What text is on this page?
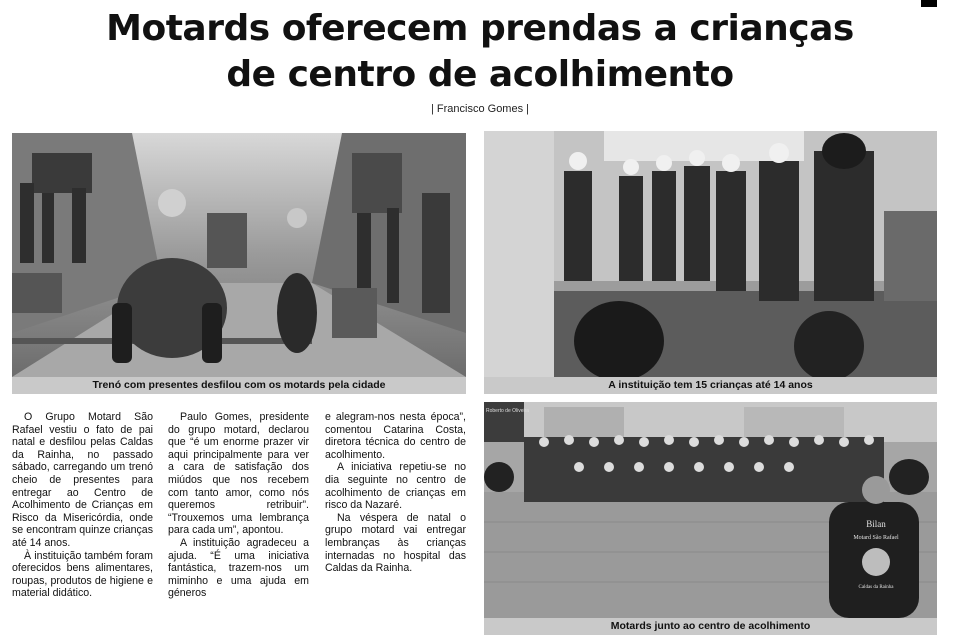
Motards oferecem prendas a crianças
de centro de acolhimento
| Francisco Gomes |
Trenó com presentes desfilou com os motards pela cidade	A instituição tem 15 crianças até 14 anos
Roberto de Oliveira
Bilan
Motard São Rafael
Caldas da Rainha
Motards junto ao centro de acolhimento

O Grupo Motard São Rafael vestiu o fato de pai natal e desfilou pelas Caldas da Rainha, no passado sábado, carregando um trenó cheio de presentes para entregar ao Centro de Acolhimento de Crianças em Risco da Misericórdia, onde se encontram quinze crianças até 14 anos.

À instituição também foram oferecidos bens alimentares, roupas, produtos de higiene e material didático.

Paulo Gomes, presidente do grupo motard, declarou que “é um enorme prazer vir aqui principalmente para ver a cara de satisfação dos miúdos que nos recebem com tanto amor, como nós queremos retribuir”. “Trouxemos uma lembrança para cada um”, apontou.

A instituição agradeceu a ajuda. “É uma iniciativa fantástica, trazem-nos um miminho e uma ajuda em géneros

e alegram-nos nesta época”, comentou Catarina Costa, diretora técnica do centro de acolhimento.

A iniciativa repetiu-se no dia seguinte no centro de acolhimento de crianças em risco da Nazaré.

Na véspera de natal o grupo motard vai entregar lembranças às crianças internadas no hospital das Caldas da Rainha.
